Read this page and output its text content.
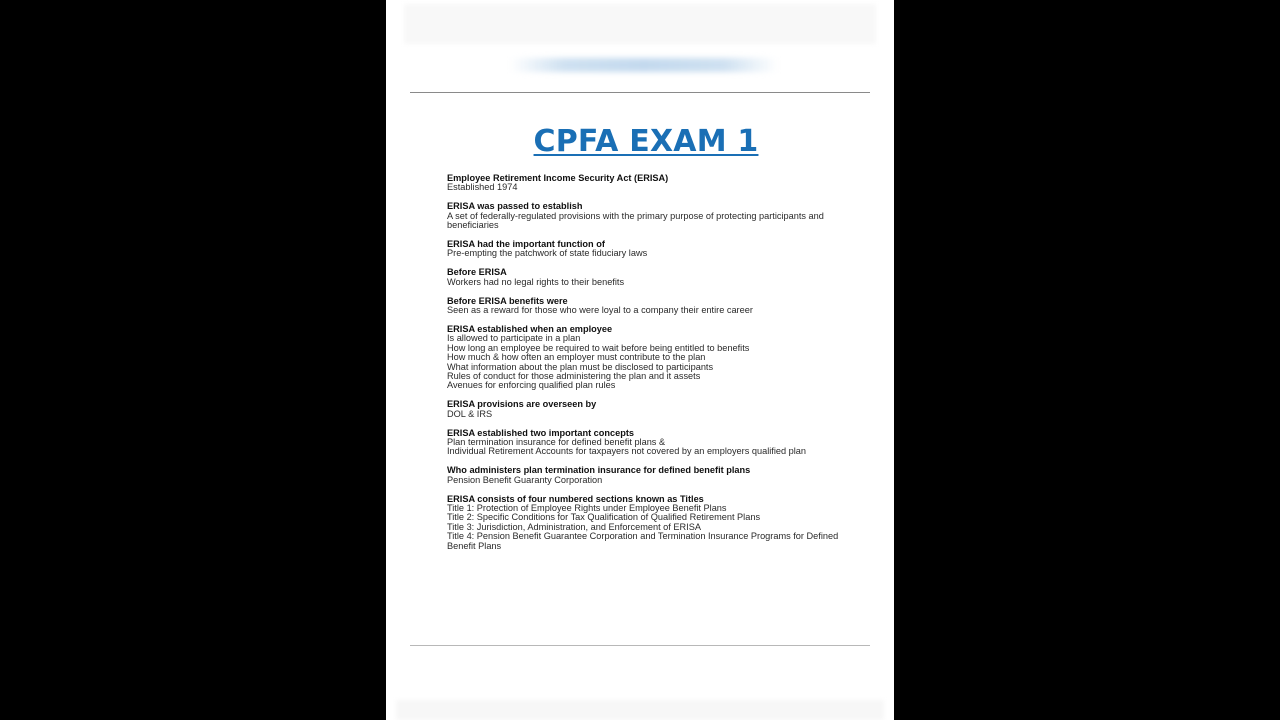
CPFA EXAM 1
Employee Retirement Income Security Act (ERISA)
Established 1974
ERISA was passed to establish
A set of federally-regulated provisions with the primary purpose of protecting participants and beneficiaries
ERISA had the important function of
Pre-empting the patchwork of state fiduciary laws
Before ERISA
Workers had no legal rights to their benefits
Before ERISA benefits were
Seen as a reward for those who were loyal to a company their entire career
ERISA established when an employee
Is allowed to participate in a plan
How long an employee be required to wait before being entitled to benefits
How much & how often an employer must contribute to the plan
What information about the plan must be disclosed to participants
Rules of conduct for those administering the plan and it assets
Avenues for enforcing qualified plan rules
ERISA provisions are overseen by
DOL & IRS
ERISA established two important concepts
Plan termination insurance for defined benefit plans &
Individual Retirement Accounts for taxpayers not covered by an employers qualified plan
Who administers plan termination insurance for defined benefit plans
Pension Benefit Guaranty Corporation
ERISA consists of four numbered sections known as Titles
Title 1: Protection of Employee Rights under Employee Benefit Plans
Title 2: Specific Conditions for Tax Qualification of Qualified Retirement Plans
Title 3: Jurisdiction, Administration, and Enforcement of ERISA
Title 4: Pension Benefit Guarantee Corporation and Termination Insurance Programs for Defined Benefit Plans
